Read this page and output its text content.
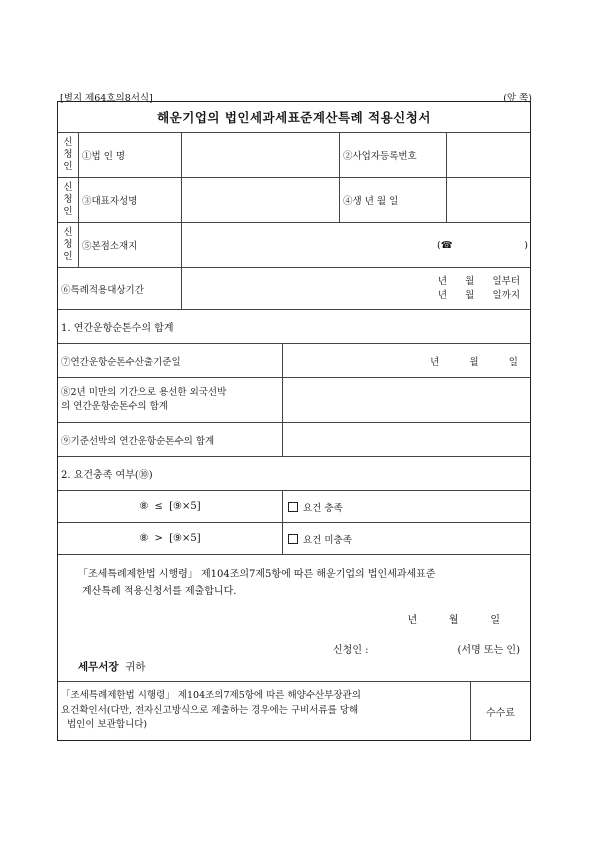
[별지 제64호의8서식]	(앞 쪽)
해운기업의 법인세과세표준계산특례 적용신청서
신
청
인
①법 인 명	②사업자등록번호
신
청
인
③대표자성명	④생 년 월 일
신
청
인
⑤본점소재지	(☎	)
⑥특례적용대상기간
년      월      일부터
년      월      일까지
1. 연간운항순톤수의 합계
⑦연간운항순톤수산출기준일	년          월          일
⑧2년 미만의 기간으로 용선한 외국선박
의 연간운항순톤수의 합계
⑨기준선박의 연간운항순톤수의 합계
2. 요건충족 여부(⑩)
⑧ ≤ [⑨×5]	요건 충족
⑧ > [⑨×5]	요건 미충족
「조세특례제한법 시행령」 제104조의7제5항에 따른 해운기업의 법인세과세표준
계산특례 적용신청서를 제출합니다.
년          월          일
신청인 :	(서명 또는 인)
세무서장 귀하
「조세특례제한법 시행령」 제104조의7제5항에 따른 해양수산부장관의
요건확인서(다만, 전자신고방식으로 제출하는 경우에는 구비서류를 당해
법인이 보관합니다)
수수료
